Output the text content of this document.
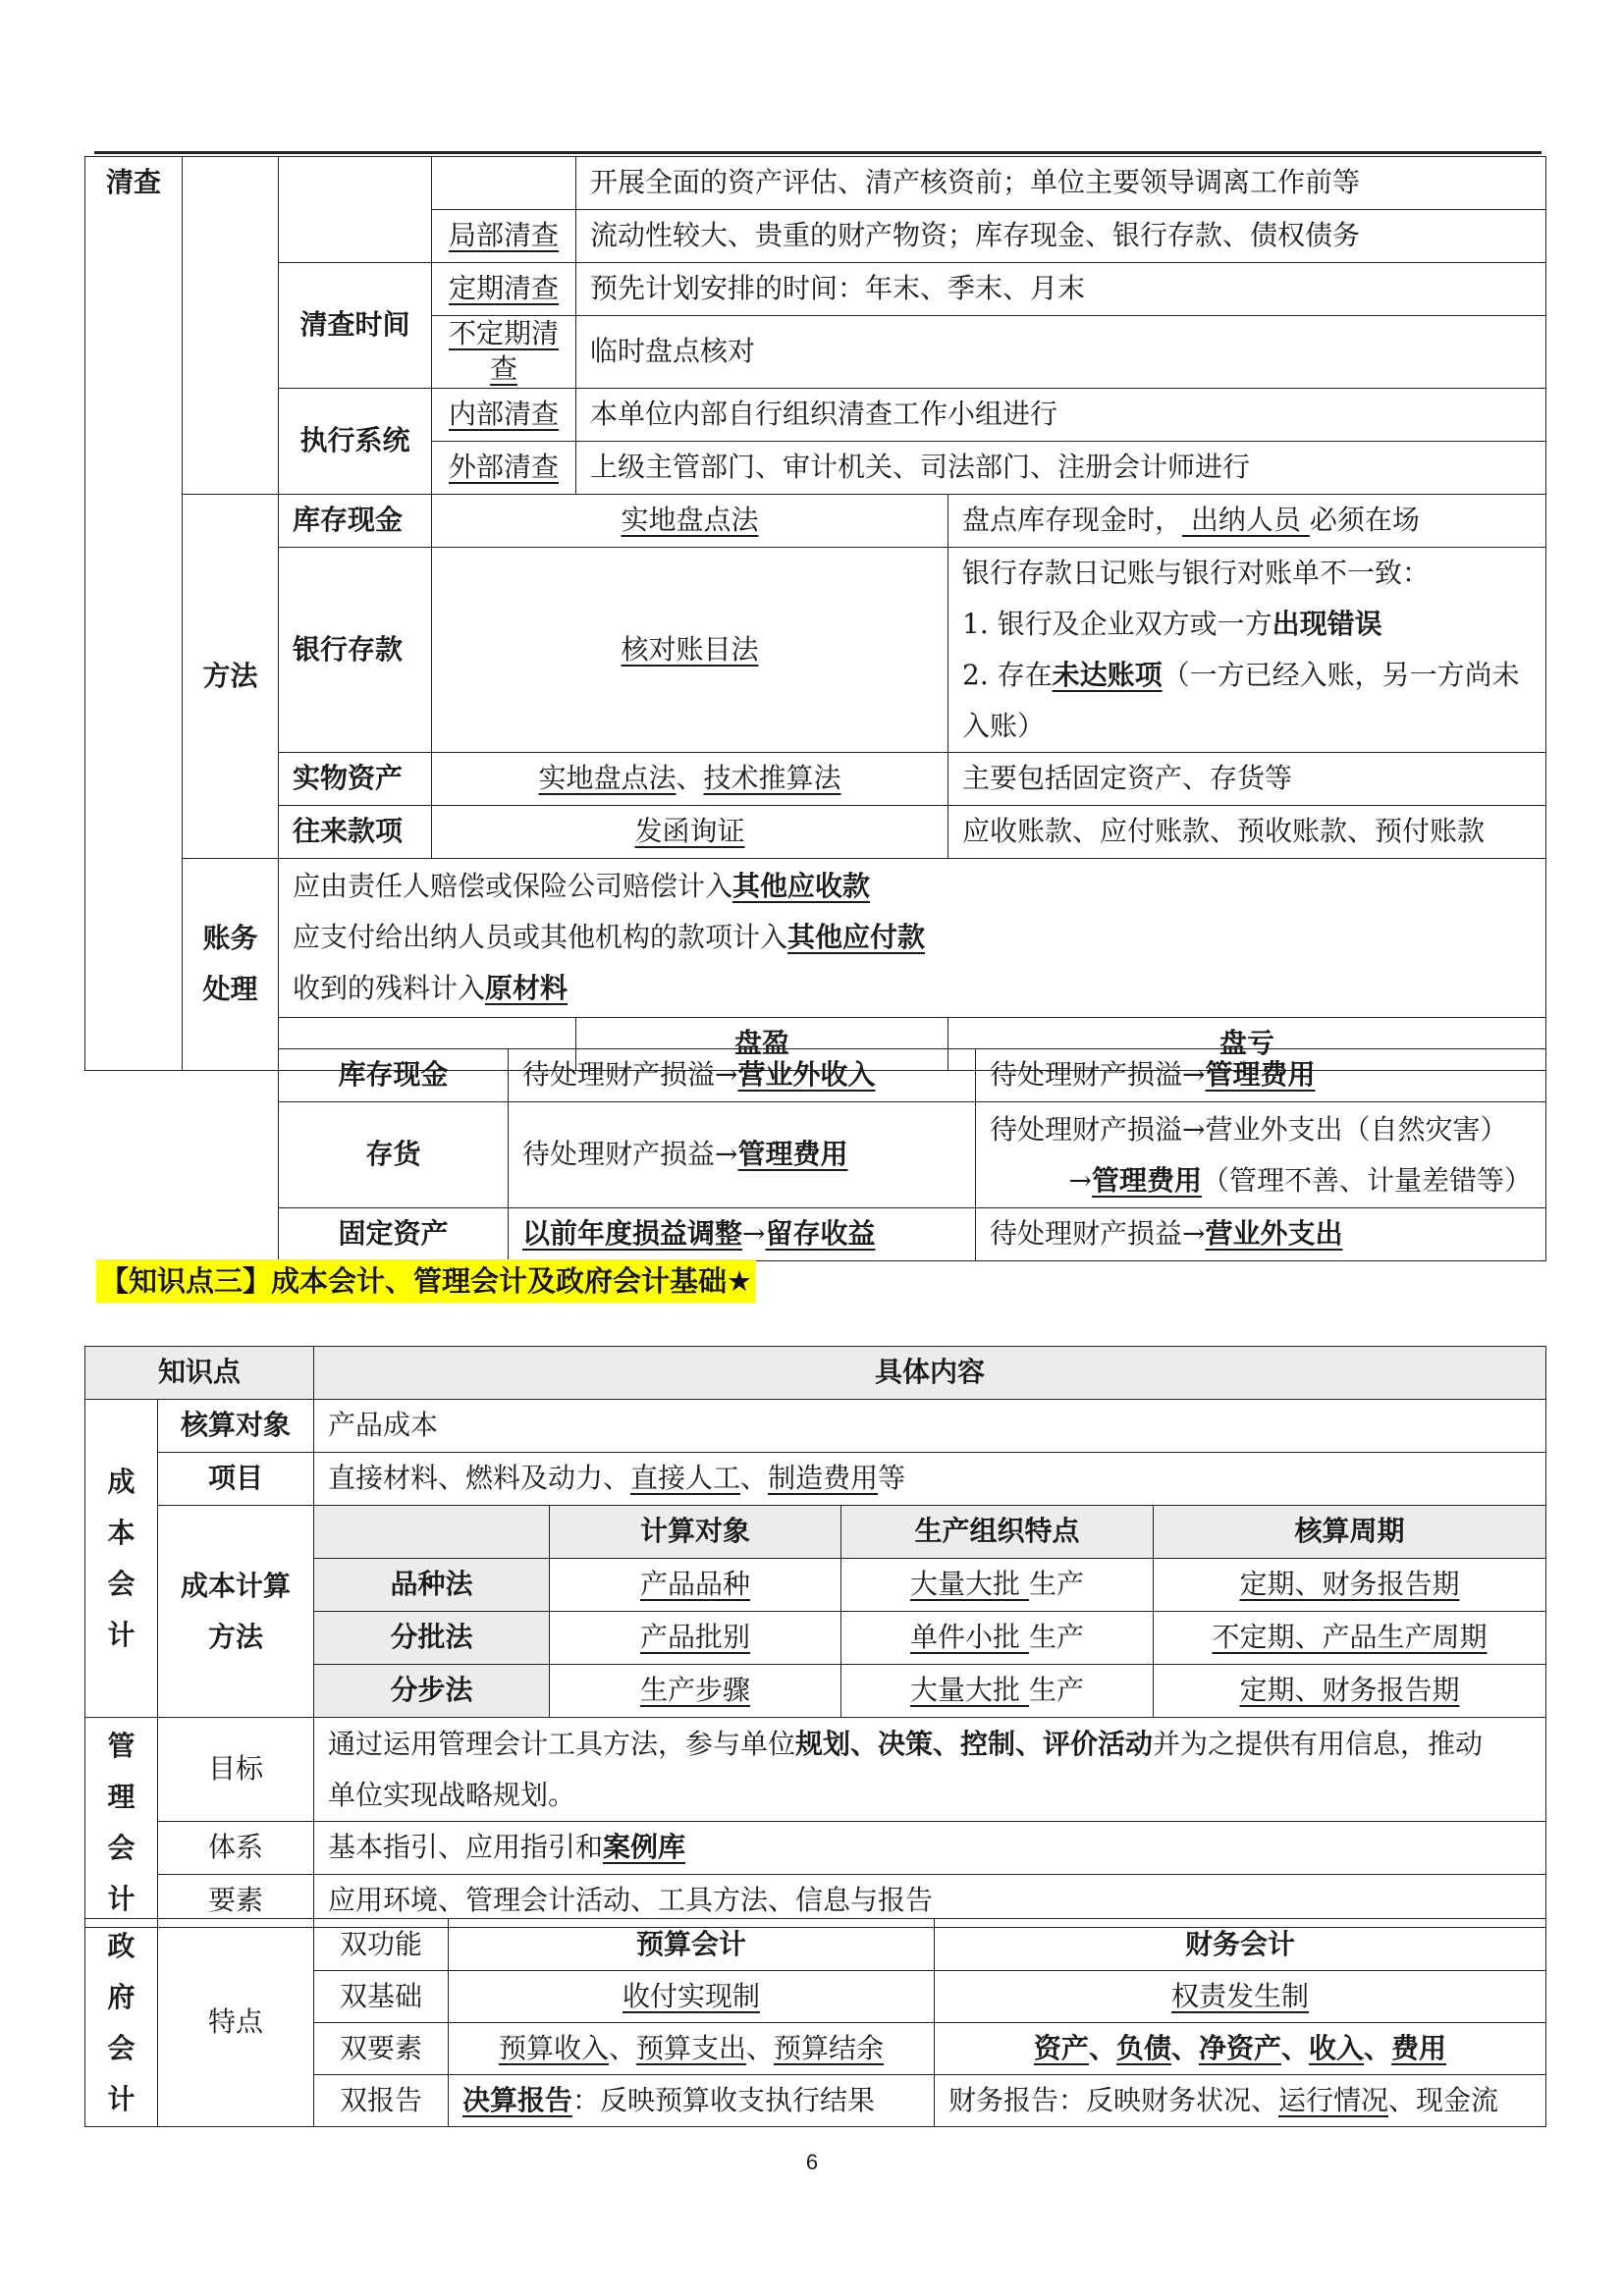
清查				开展全面的资产评估、清产核资前；单位主要领导调离工作前等	
			局部清查	流动性较大、贵重的财产物资；库存现金、银行存款、债权债务	
		清查时间	定期清查	预先计划安排的时间：年末、季末、月末	
			不定期清查	临时盘点核对	
		执行系统	内部清查	本单位内部自行组织清查工作小组进行	
			外部清查	上级主管部门、审计机关、司法部门、注册会计师进行	
	方法	库存现金	实地盘点法		盘点库存现金时， 出纳人员 必须在场
		银行存款	核对账目法		银行存款日记账与银行对账单不一致：
1. 银行及企业双方或一方出现错误
2. 存在未达账项（一方已经入账，另一方尚未入账）

		实物资产	实地盘点法、技术推算法		主要包括固定资产、存货等
		往来款项	发函询证		应收账款、应付账款、预收账款、预付账款

	账务
处理	应由责任人赔偿或保险公司赔偿计入其他应收款
应支付给出纳人员或其他机构的款项计入其他应付款
收到的残料计入原材料			

				盘盈	盘亏
库存现金	待处理财产损溢→营业外收入	待处理财产损溢→管理费用
存货	待处理财产损益→管理费用	待处理财产损溢→营业外支出（自然灾害）
→管理费用（管理不善、计量差错等）

固定资产	以前年度损益调整→留存收益	待处理财产损益→营业外支出
【知识点三】成本会计、管理会计及政府会计基础★
知识点		具体内容			

成
本
会
计	核算对象	产品成本			
	项目	直接材料、燃料及动力、直接人工、制造费用等			

	成本计算
方法		计算对象	生产组织特点	核算周期
		品种法	产品品种	大量大批 生产	定期、财务报告期
		分批法	产品批别	单件小批 生产	不定期、产品生产周期
		分步法	生产步骤	大量大批 生产	定期、财务报告期

管
理
会
计	目标	通过运用管理会计工具方法，参与单位规划、决策、控制、评价活动并为之提供有用信息，推动
单位实现战略规划。			

	体系	基本指引、应用指引和案例库			
	要素	应用环境、管理会计活动、工具方法、信息与报告			
政
府
会
计	特点	双功能	预算会计	财务会计
		双基础	收付实现制	权责发生制
		双要素	预算收入、预算支出、预算结余	资产、负债、净资产、收入、费用
		双报告	决算报告：反映预算收支执行结果	财务报告：反映财务状况、运行情况、现金流
6
